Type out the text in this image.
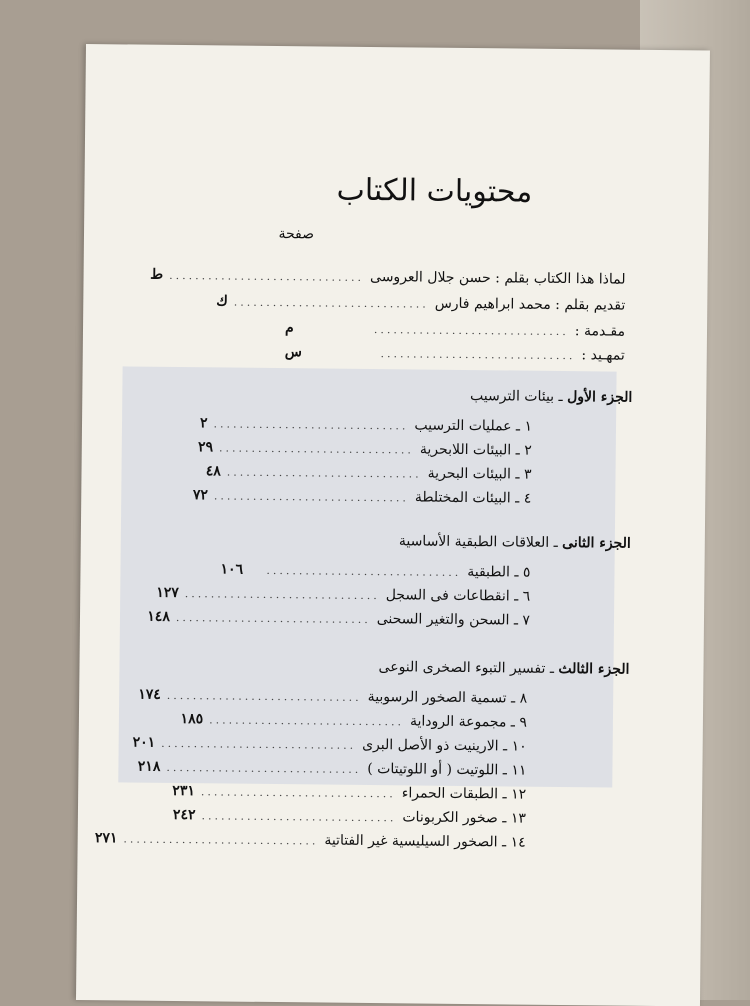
محتويات الكتاب
صفحة
لماذا هذا الكتاب بقلم : حسن جلال العروسى
..............................
ط
تقديم بقلم : محمد ابراهيم فارس
..............................
ك
مقـدمة :
..............................
م
تمهـيد :
..............................
س
الجزء الأول ـ بيئات الترسيب
١ ـ عمليات الترسيب
..............................
٢
٢ ـ البيئات اللابحرية
..............................
٢٩
٣ ـ البيئات البحرية
..............................
٤٨
٤ ـ البيئات المختلطة
..............................
٧٢
الجزء الثانى ـ العلاقات الطبقية الأساسية
٥ ـ الطبقية
..............................
١٠٦
٦ ـ انقطاعات فى السجل
..............................
١٢٧
٧ ـ السحن والتغير السحنى
..............................
١٤٨
الجزء الثالث ـ تفسير التبوء الصخرى النوعى
٨ ـ تسمية الصخور الرسوبية
..............................
١٧٤
٩ ـ مجموعة الروداية
..............................
١٨٥
١٠ ـ الارينيت ذو الأصل البرى
..............................
٢٠١
١١ ـ اللوتيت ( أو اللوتيتات )
..............................
٢١٨
١٢ ـ الطبقات الحمراء
..............................
٢٣١
١٣ ـ صخور الكربونات
..............................
٢٤٢
١٤ ـ الصخور السيليسية غير الفتاتية
..............................
٢٧١
